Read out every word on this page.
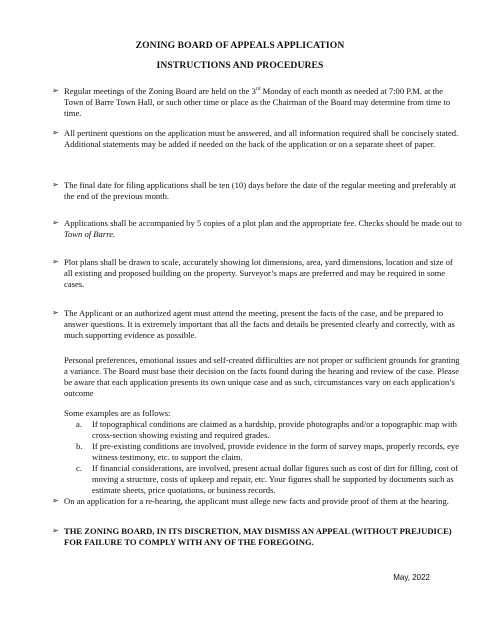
ZONING BOARD OF APPEALS APPLICATION
INSTRUCTIONS AND PROCEDURES
➢ Regular meetings of the Zoning Board are held on the 3rd Monday of each month as needed at 7:00 P.M. at the Town of Barre Town Hall, or such other time or place as the Chairman of the Board may determine from time to time.
➢ All pertinent questions on the application must be answered, and all information required shall be concisely stated. Additional statements may be added if needed on the back of the application or on a separate sheet of paper.
➢ The final date for filing applications shall be ten (10) days before the date of the regular meeting and preferably at the end of the previous month.
➢ Applications shall be accompanied by 5 copies of a plot plan and the appropriate fee. Checks should be made out to Town of Barre.
➢ Plot plans shall be drawn to scale, accurately showing lot dimensions, area, yard dimensions, location and size of all existing and proposed building on the property. Surveyor’s maps are preferred and may be required in some cases.
➢ The Applicant or an authorized agent must attend the meeting, present the facts of the case, and be prepared to answer questions. It is extremely important that all the facts and details be presented clearly and correctly, with as much supporting evidence as possible.
Personal preferences, emotional issues and self-created difficulties are not proper or sufficient grounds for granting a variance. The Board must base their decision on the facts found during the hearing and review of the case. Please be aware that each application presents its own unique case and as such, circumstances vary on each application’s outcome
Some examples are as follows:
a.	If topographical conditions are claimed as a hardship, provide photographs and/or a topographic map with cross-section showing existing and required grades.
b.	If pre-existing conditions are involved, provide evidence in the form of survey maps, properly records, eye witness testimony, etc. to support the claim.
c.	If financial considerations, are involved, present actual dollar figures such as cost of dirt for filling, cost of moving a structure, costs of upkeep and repair, etc. Your figures shall be supported by documents such as estimate sheets, price quotations, or business records.
➢ On an application for a re-hearing, the applicant must allege new facts and provide proof of them at the hearing.
➢ THE ZONING BOARD, IN ITS DISCRETION, MAY DISMISS AN APPEAL (WITHOUT PREJUDICE) FOR FAILURE TO COMPLY WITH ANY OF THE FOREGOING.
May, 2022
